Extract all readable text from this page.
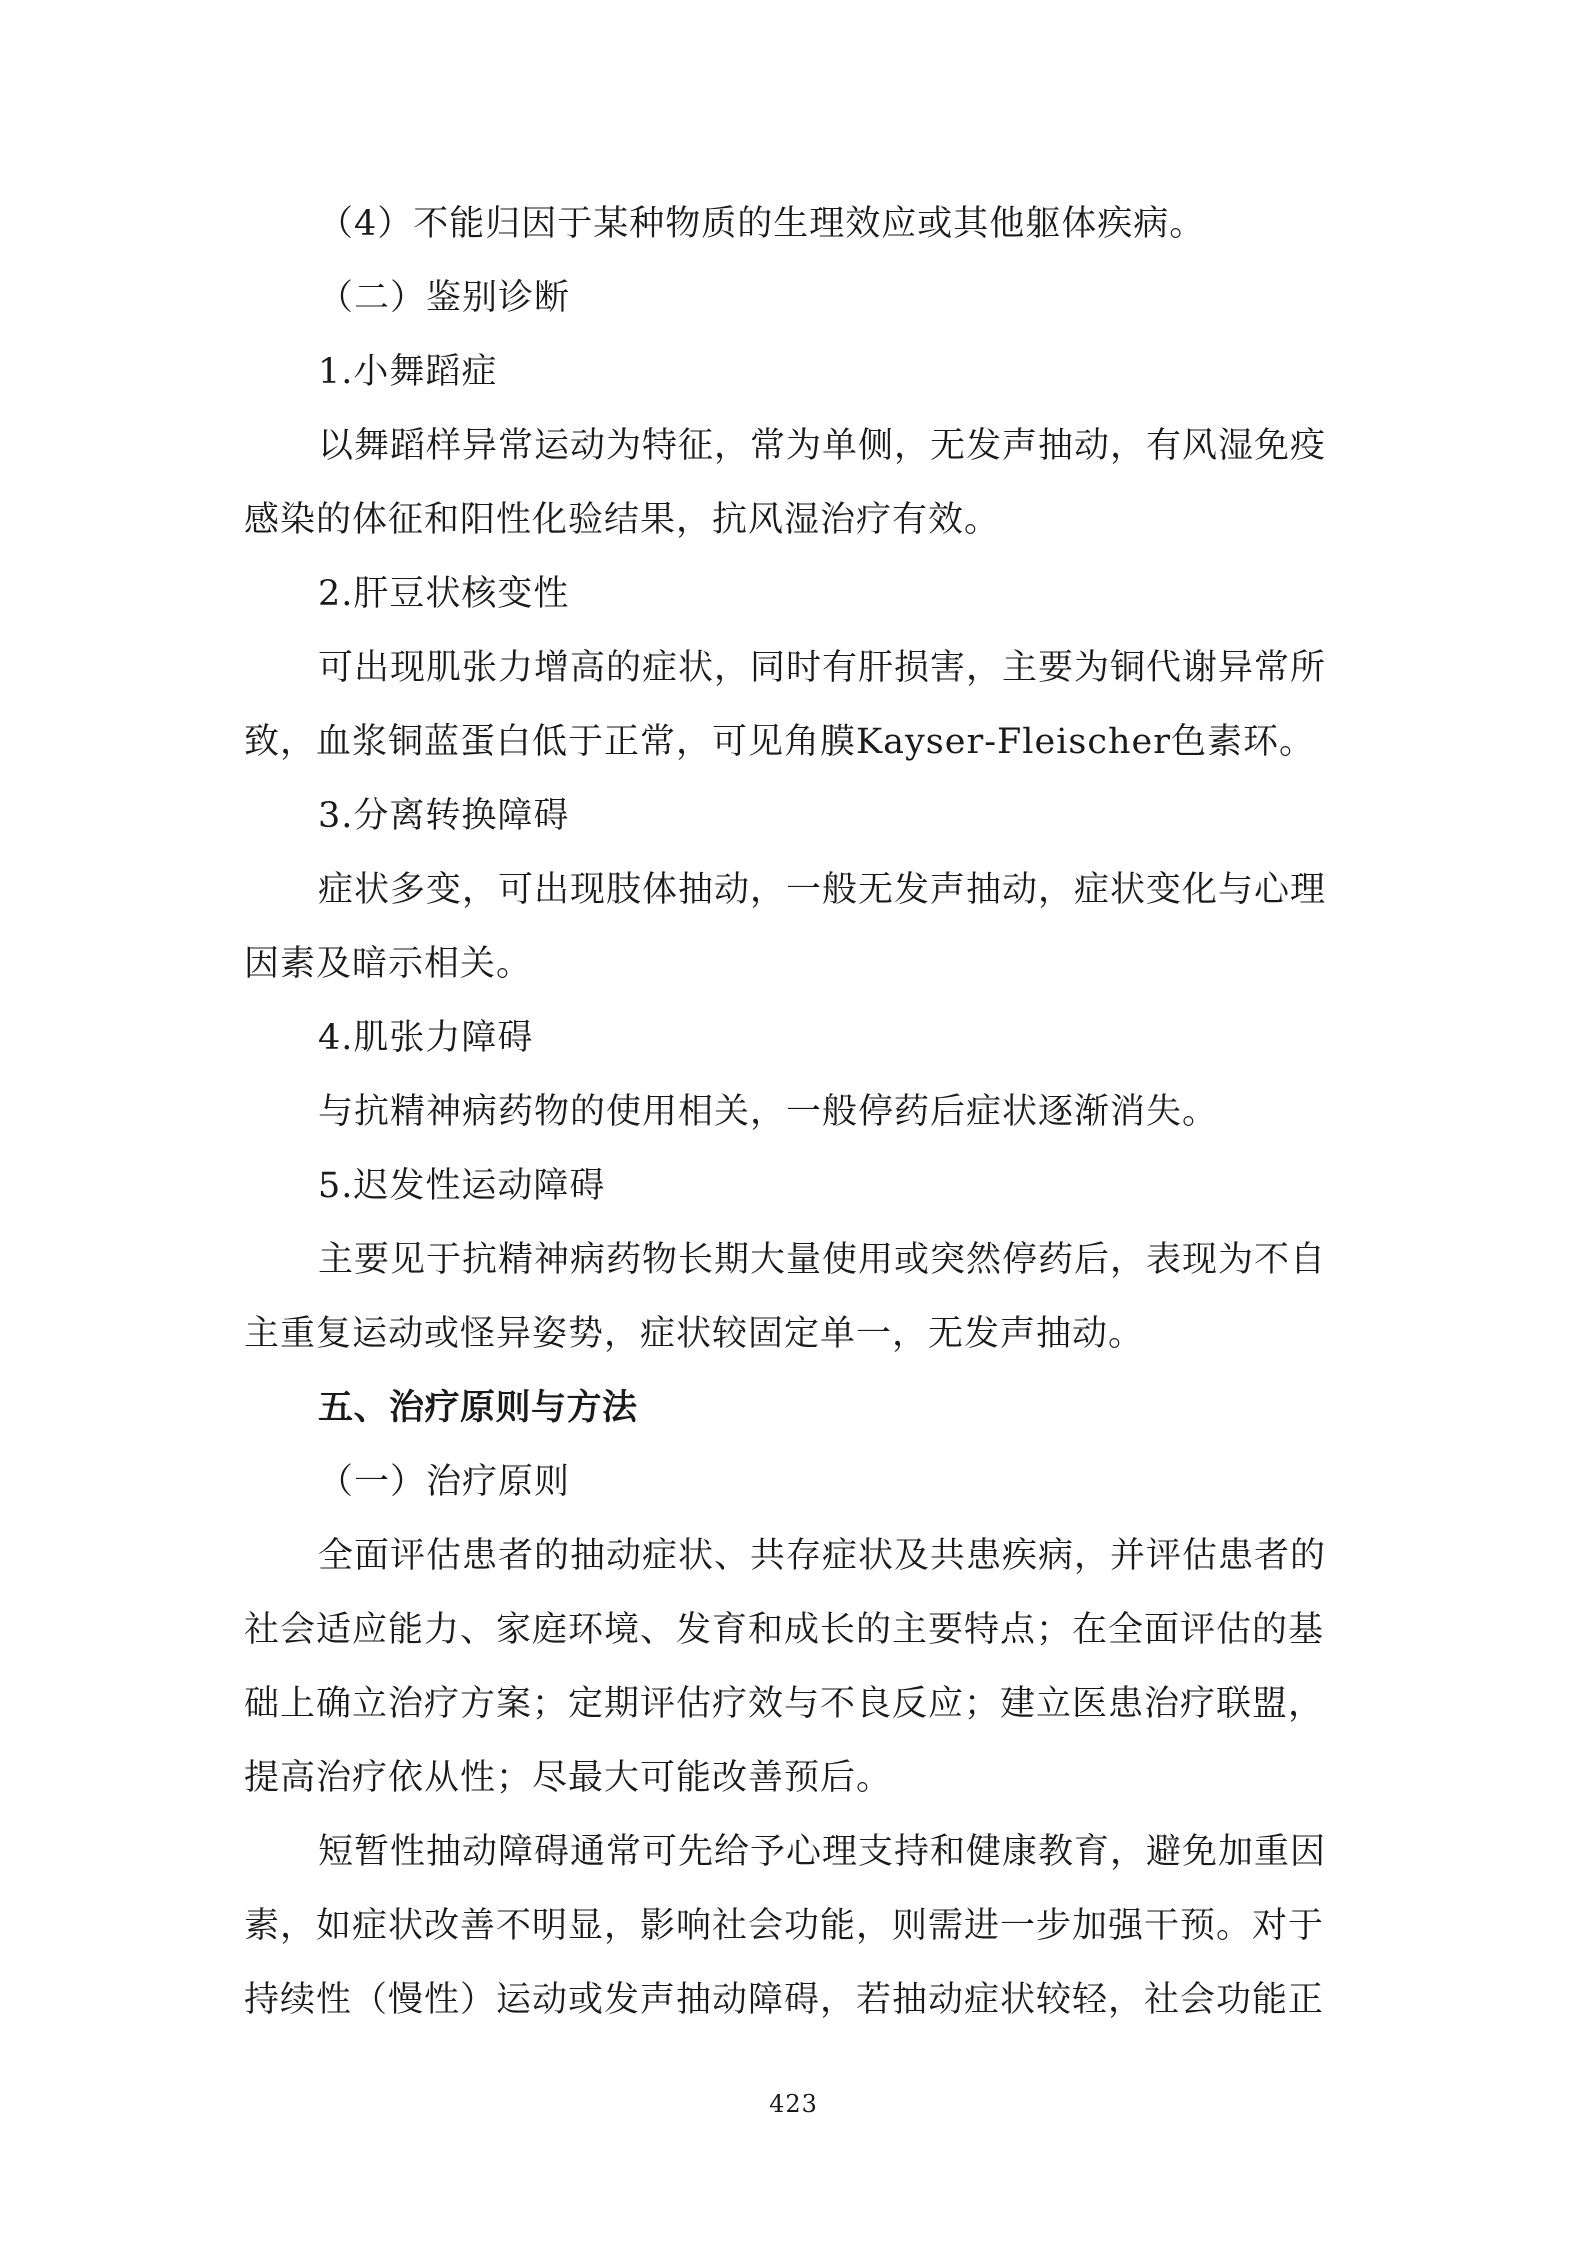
（4）不能归因于某种物质的生理效应或其他躯体疾病。
（二）鉴别诊断
1.小舞蹈症
以舞蹈样异常运动为特征，常为单侧，无发声抽动，有风湿免疫
感染的体征和阳性化验结果，抗风湿治疗有效。
2.肝豆状核变性
可出现肌张力增高的症状，同时有肝损害，主要为铜代谢异常所
致，血浆铜蓝蛋白低于正常，可见角膜Kayser-Fleischer色素环。
3.分离转换障碍
症状多变，可出现肢体抽动，一般无发声抽动，症状变化与心理
因素及暗示相关。
4.肌张力障碍
与抗精神病药物的使用相关，一般停药后症状逐渐消失。
5.迟发性运动障碍
主要见于抗精神病药物长期大量使用或突然停药后，表现为不自
主重复运动或怪异姿势，症状较固定单一，无发声抽动。
五、治疗原则与方法
（一）治疗原则
全面评估患者的抽动症状、共存症状及共患疾病，并评估患者的
社会适应能力、家庭环境、发育和成长的主要特点；在全面评估的基
础上确立治疗方案；定期评估疗效与不良反应；建立医患治疗联盟，
提高治疗依从性；尽最大可能改善预后。
短暂性抽动障碍通常可先给予心理支持和健康教育，避免加重因
素，如症状改善不明显，影响社会功能，则需进一步加强干预。对于
持续性（慢性）运动或发声抽动障碍，若抽动症状较轻，社会功能正
423
